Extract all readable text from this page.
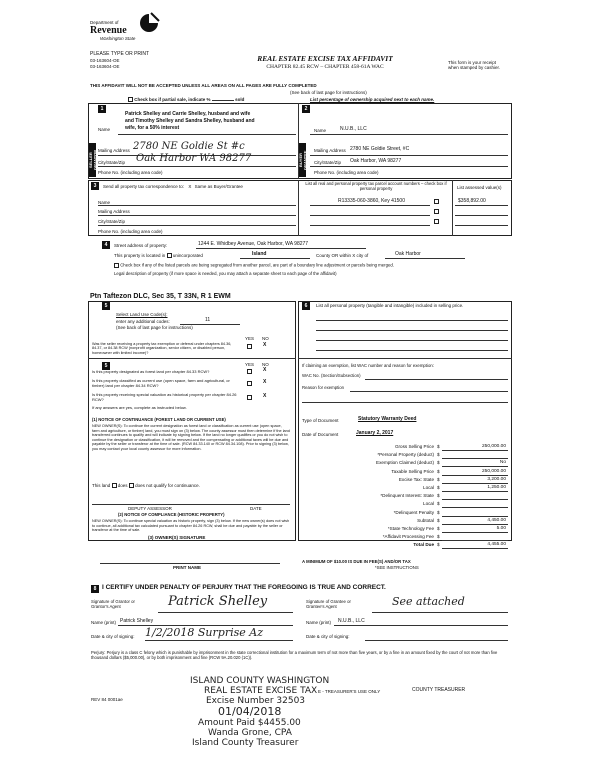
Department of
Revenue
Washington State
PLEASE TYPE OR PRINT
03-163604-OE
03-163604-OE
REAL ESTATE EXCISE TAX AFFIDAVIT
CHAPTER 82.45 RCW – CHAPTER 458-61A WAC
This form is your receipt
when stamped by cashier.
THIS AFFIDAVIT WILL NOT BE ACCEPTED UNLESS ALL AREAS ON ALL PAGES ARE FULLY COMPLETED
(See back of last page for instructions)
Check box if partial sale, indicate %	sold	List percentage of ownership acquired next to each name.
1	2
SELLER GRANTOR	BUYER GRANTEE
Patrick Shelley and Carrie Shelley, husband and wife
and Timothy Shelley and Sandra Shelley, husband and
Name	wife, for a 50% interest
Mailing Address 2780 NE Goldie St #c
City/State/Zip Oak Harbor WA 98277
Phone No. (including area code)
Name	N.U.B., LLC
Mailing Address 2780 NE Goldie Street, #C
City/State/Zip Oak Harbor, WA 98277
Phone No. (including area code)
3	Send all property tax correspondence to: X Same as Buyer/Grantee
Name
Mailing Address
City/State/Zip
Phone No. (including area code)
List all real and personal property tax parcel account numbers – check box if personal property	List assessed value(s)
R13335-060-3860, Key 41500	$358,892.00
4	Street address of property:	1244 E. Whidbey Avenue, Oak Harbor, WA 98277
This property is located in unincorporated	Island	County OR within X city of	Oak Harbor
Check box if any of the listed parcels are being segregated from another parcel, are part of a boundary line adjustment or parcels being merged.
Legal description of property (if more space is needed, you may attach a separate sheet to each page of the affidavit)
Ptn Taftezon DLC, Sec 35, T 33N, R 1 EWM
5	6
Select Land Use Code(s):
enter any additional codes:	11
(See back of last page for instructions)
YES NO
Was the seller receiving a property tax exemption or deferral under chapters 84.36, 84.37, or 84.38 RCW (nonprofit organization, senior citizen, or disabled person, homeowner with limited income)?
X
5	YES NO
Is this property designated as forest land per chapter 84.33 RCW?	X
Is this property classified as current use (open space, farm and agricultural, or timber) land per chapter 84.34 RCW?
X
Is this property receiving special valuation as historical property per chapter 84.26 RCW?
X
If any answers are yes, complete as instructed below.
(1) NOTICE OF CONTINUANCE (FOREST LAND OR CURRENT USE)
NEW OWNER(S): To continue the current designation as forest land or classification as current use (open space, farm and agriculture, or timber) land, you must sign on (3) below. The county assessor must then determine if the land transferred continues to qualify and will indicate by signing below. If the land no longer qualifies or you do not wish to continue the designation or classification, it will be removed and the compensating or additional taxes will be due and payable by the seller or transferor at the time of sale. (RCW 84.33.140 or RCW 84.34.108). Prior to signing (3) below, you may contact your local county assessor for more information.
This land does does not qualify for continuance.
DEPUTY ASSESSOR	DATE
(2) NOTICE OF COMPLIANCE (HISTORIC PROPERTY)
NEW OWNER(S): To continue special valuation as historic property, sign (3) below. If the new owner(s) does not wish to continue, all additional tax calculated pursuant to chapter 84.26 RCW, shall be due and payable by the seller or transferor at the time of sale.
(3) OWNER(S) SIGNATURE
PRINT NAME
List all personal property (tangible and intangible) included in selling price.
If claiming an exemption, list WAC number and reason for exemption:
WAC No. (Section/Subsection)
Reason for exemption
Type of Document	Statutory Warranty Deed
Date of Document	January 2, 2017
Gross Selling Price $	250,000.00
*Personal Property (deduct) $
Exemption Claimed (deduct) $	No
Taxable Selling Price $	250,000.00
Excise Tax: State $	3,200.00
Local $	1,250.00
*Delinquent Interest: State $
Local $
*Delinquent Penalty $
Subtotal $	4,450.00
*State Technology Fee $	5.00
*Affidavit Processing Fee $
Total Due $	4,455.00
A MINIMUM OF $10.00 IS DUE IN FEE(S) AND/OR TAX
*SEE INSTRUCTIONS
8 I CERTIFY UNDER PENALTY OF PERJURY THAT THE FOREGOING IS TRUE AND CORRECT.
Signature of Grantor or Grantor's Agent	Patrick Shelley	Signature of Grantee or Grantee's Agent	See attached
Name (print) Patrick Shelley	Name (print) N.U.B., LLC
Date & city of signing: 1/2/2018 Surprise Az	Date & city of signing:
Perjury: Perjury is a class C felony which is punishable by imprisonment in the state correctional institution for a maximum term of not more than five years, or by a fine in an amount fixed by the court of not more than five thousand dollars ($5,000.00), or by both imprisonment and fine (RCW 9A.20.020 (1C)).
ISLAND COUNTY WASHINGTON
REAL ESTATE EXCISE TAX
Excise Number 32503
01/04/2018
Amount Paid $4455.00
Wanda Grone, CPA
Island County Treasurer
REV 84 0001ae
E - TREASURER'S USE ONLY	COUNTY TREASURER
